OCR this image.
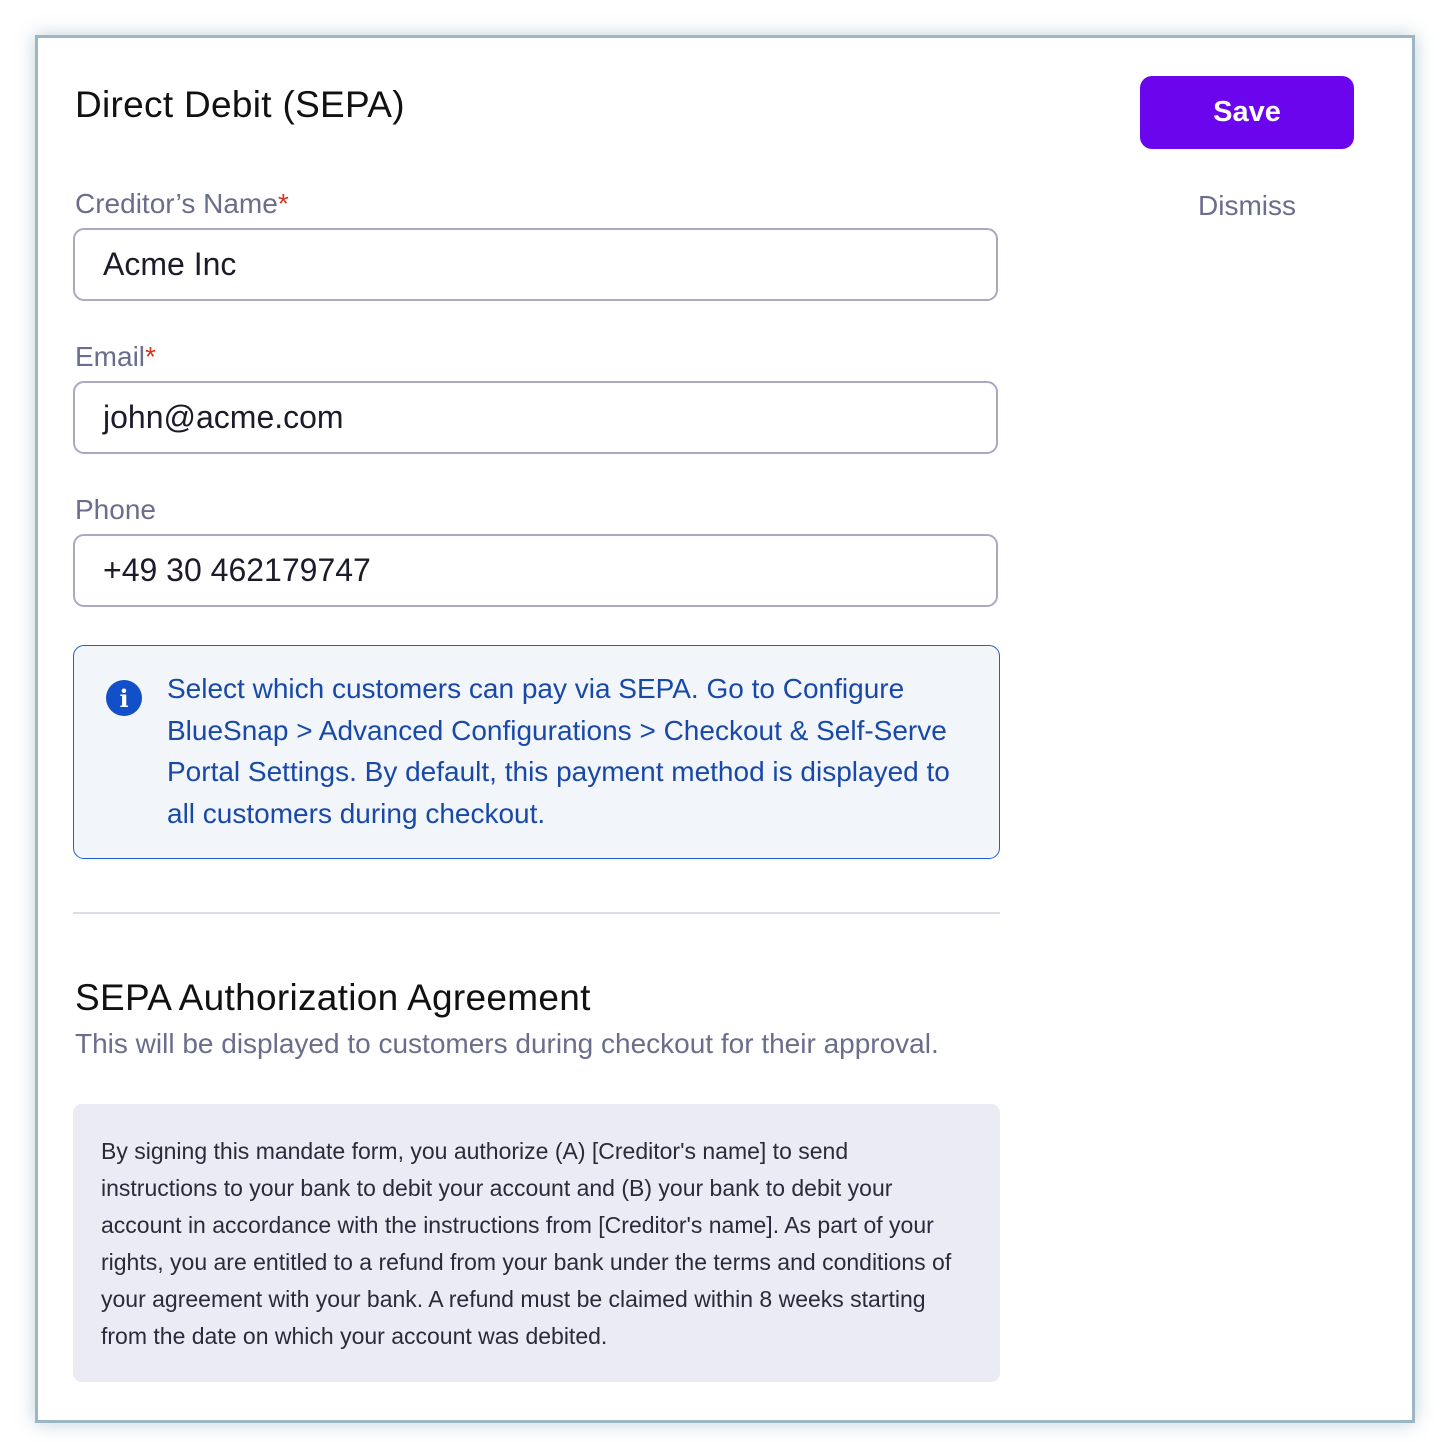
Direct Debit (SEPA)	Save
Dismiss
Creditor’s Name*
Acme Inc
Email*
john@acme.com
Phone
+49 30 462179747
i	Select which customers can pay via SEPA. Go to Configure BlueSnap > Advanced Configurations > Checkout & Self-Serve Portal Settings. By default, this payment method is displayed to all customers during checkout.
SEPA Authorization Agreement
This will be displayed to customers during checkout for their approval.
By signing this mandate form, you authorize (A) [Creditor's name] to send instructions to your bank to debit your account and (B) your bank to debit your account in accordance with the instructions from [Creditor's name]. As part of your rights, you are entitled to a refund from your bank under the terms and conditions of your agreement with your bank. A refund must be claimed within 8 weeks starting from the date on which your account was debited.
